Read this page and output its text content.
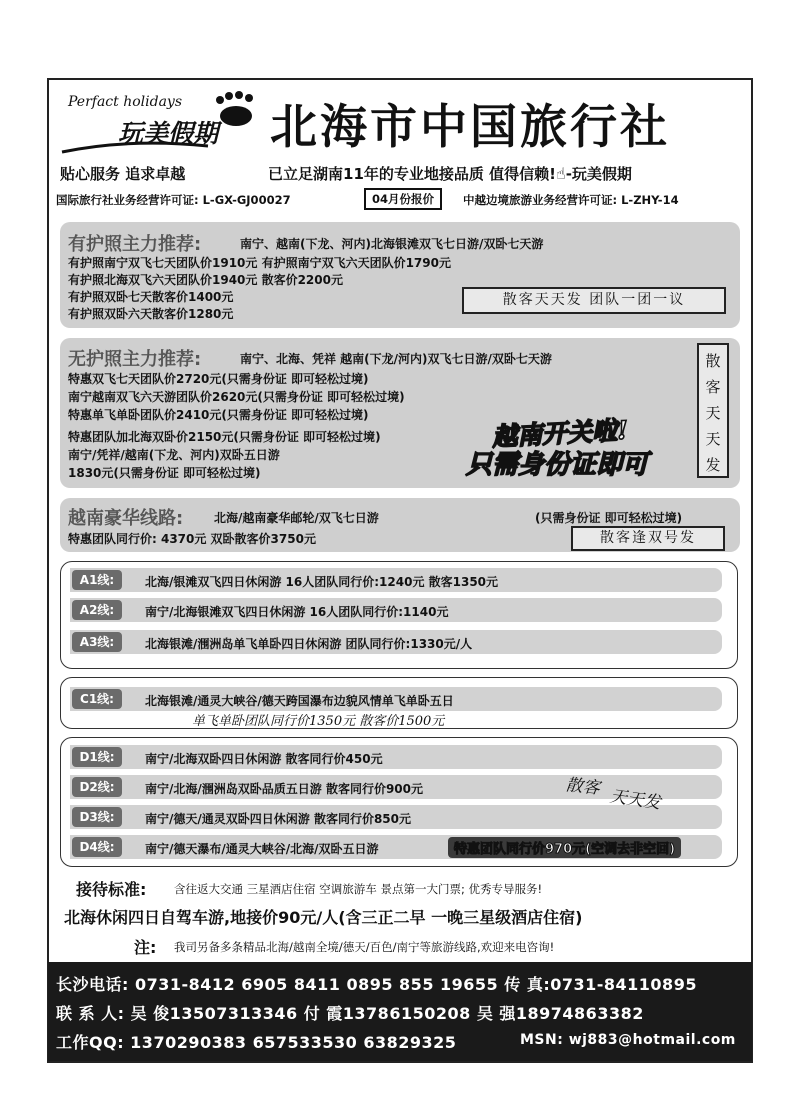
Perfact holidays
玩美假期 北海市中国旅行社
贴心服务 追求卓越	已立足湖南11年的专业地接品质 值得信赖!☝-玩美假期
国际旅行社业务经营许可证: L-GX-GJ00027	04月份报价	中越边境旅游业务经营许可证: L-ZHY-14
有护照主力推荐:	南宁、越南(下龙、河内)北海银滩双飞七日游/双卧七天游
有护照南宁双飞七天团队价1910元 有护照南宁双飞六天团队价1790元
有护照北海双飞六天团队价1940元 散客价2200元
有护照双卧七天散客价1400元
有护照双卧六天散客价1280元
散客天天发 团队一团一议
无护照主力推荐:	南宁、北海、凭祥 越南(下龙/河内)双飞七日游/双卧七天游
特惠双飞七天团队价2720元(只需身份证 即可轻松过境)
南宁越南双飞六天游团队价2620元(只需身份证 即可轻松过境)
特惠单飞单卧团队价2410元(只需身份证 即可轻松过境)
特惠团队加北海双卧价2150元(只需身份证 即可轻松过境)
南宁/凭祥/越南(下龙、河内)双卧五日游
1830元(只需身份证 即可轻松过境)
越南开关啦!
只需身份证即可
散
客
天
天
发
越南豪华线路:	北海/越南豪华邮轮/双飞七日游	(只需身份证 即可轻松过境)
特惠团队同行价: 4370元 双卧散客价3750元	散客逢双号发
A1线:	北海/银滩双飞四日休闲游 16人团队同行价:1240元 散客1350元
A2线:	南宁/北海银滩双飞四日休闲游 16人团队同行价:1140元
A3线:	北海银滩/涠洲岛单飞单卧四日休闲游 团队同行价:1330元/人
C1线:	北海银滩/通灵大峡谷/德天跨国瀑布边貌风情单飞单卧五日
单飞单卧团队同行价1350元 散客价1500元
D1线:	南宁/北海双卧四日休闲游 散客同行价450元
D2线:	南宁/北海/涠洲岛双卧品质五日游 散客同行价900元
D3线:	南宁/德天/通灵双卧四日休闲游 散客同行价850元
D4线:	南宁/德天瀑布/通灵大峡谷/北海/双卧五日游	特惠团队同行价970元(空调去非空回)
散客 天天发
接待标准: 含往返大交通 三星酒店住宿 空调旅游车 景点第一大门票; 优秀专导服务!
北海休闲四日自驾车游,地接价90元/人(含三正二早 一晚三星级酒店住宿)
注: 我司另备多条精品北海/越南全境/德天/百色/南宁等旅游线路,欢迎来电咨询!
长沙电话: 0731-8412 6905 8411 0895 855 19655 传 真:0731-84110895
联 系 人: 吴 俊13507313346 付 霞13786150208 吴 强18974863382
工作QQ: 1370290383 657533530 63829325	MSN: wj883@hotmail.com
